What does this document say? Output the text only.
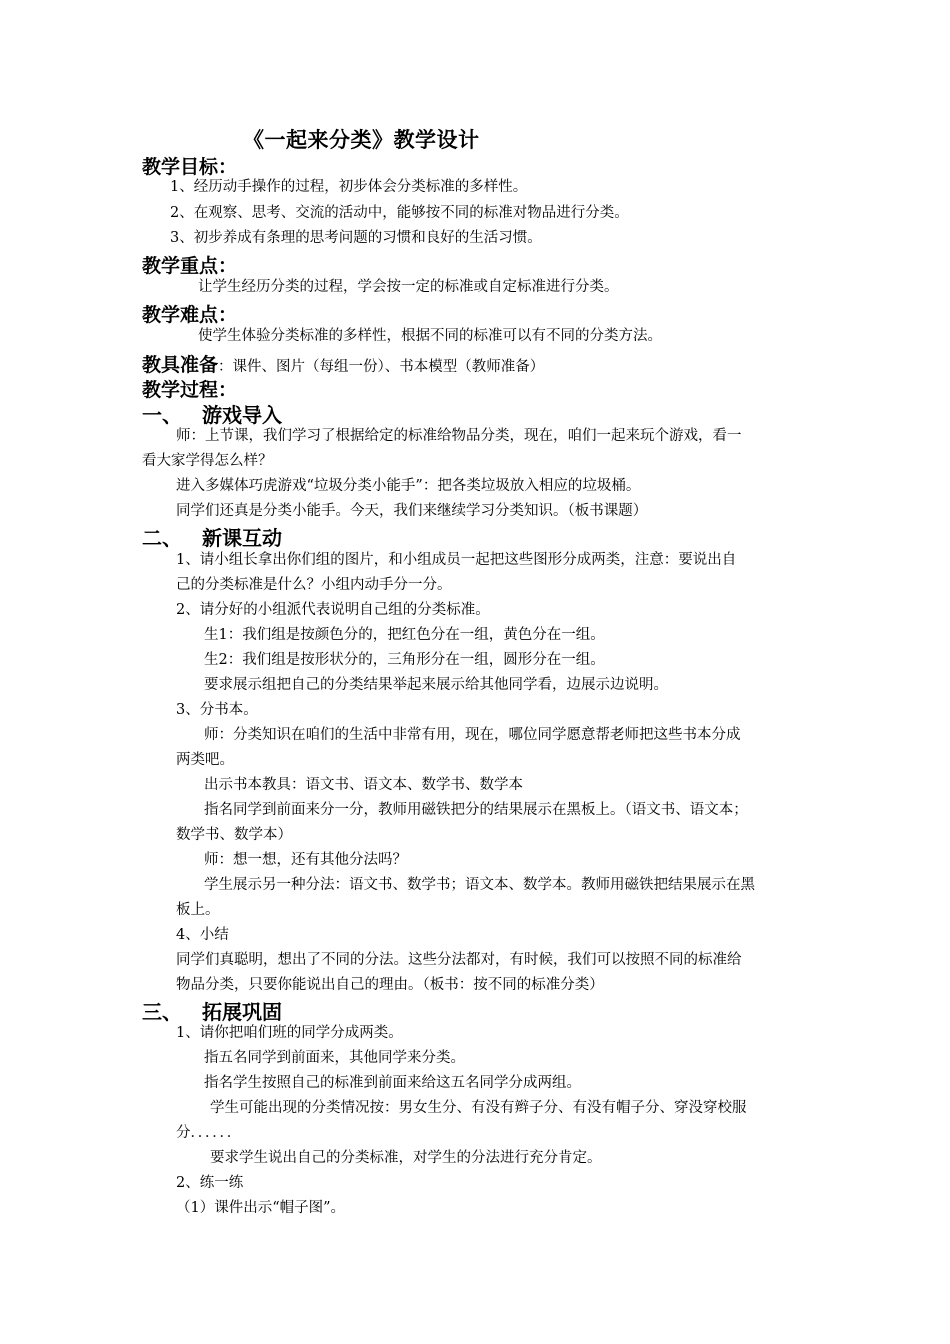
《一起来分类》教学设计
教学目标：
1、经历动手操作的过程，初步体会分类标准的多样性。
2、在观察、思考、交流的活动中，能够按不同的标准对物品进行分类。
3、初步养成有条理的思考问题的习惯和良好的生活习惯。
教学重点：
让学生经历分类的过程，学会按一定的标准或自定标准进行分类。
教学难点：
使学生体验分类标准的多样性，根据不同的标准可以有不同的分类方法。
教具准备：课件、图片（每组一份）、书本模型（教师准备）
教学过程：
一、 游戏导入
师：上节课，我们学习了根据给定的标准给物品分类，现在，咱们一起来玩个游戏，看一
看大家学得怎么样？
进入多媒体巧虎游戏“垃圾分类小能手”：把各类垃圾放入相应的垃圾桶。
同学们还真是分类小能手。今天，我们来继续学习分类知识。（板书课题）
二、 新课互动
1、请小组长拿出你们组的图片，和小组成员一起把这些图形分成两类，注意：要说出自
己的分类标准是什么？小组内动手分一分。
2、请分好的小组派代表说明自己组的分类标准。
生1：我们组是按颜色分的，把红色分在一组，黄色分在一组。
生2：我们组是按形状分的，三角形分在一组，圆形分在一组。
要求展示组把自己的分类结果举起来展示给其他同学看，边展示边说明。
3、分书本。
师：分类知识在咱们的生活中非常有用，现在，哪位同学愿意帮老师把这些书本分成
两类吧。
出示书本教具：语文书、语文本、数学书、数学本
指名同学到前面来分一分，教师用磁铁把分的结果展示在黑板上。（语文书、语文本；
数学书、数学本）
师：想一想，还有其他分法吗？
学生展示另一种分法：语文书、数学书；语文本、数学本。教师用磁铁把结果展示在黑
板上。
4、小结
同学们真聪明，想出了不同的分法。这些分法都对，有时候，我们可以按照不同的标准给
物品分类，只要你能说出自己的理由。（板书：按不同的标准分类）
三、 拓展巩固
1、请你把咱们班的同学分成两类。
指五名同学到前面来，其他同学来分类。
指名学生按照自己的标准到前面来给这五名同学分成两组。
学生可能出现的分类情况按：男女生分、有没有辫子分、有没有帽子分、穿没穿校服
分．．．．．．
要求学生说出自己的分类标准，对学生的分法进行充分肯定。
2、练一练
（1）课件出示“帽子图”。
